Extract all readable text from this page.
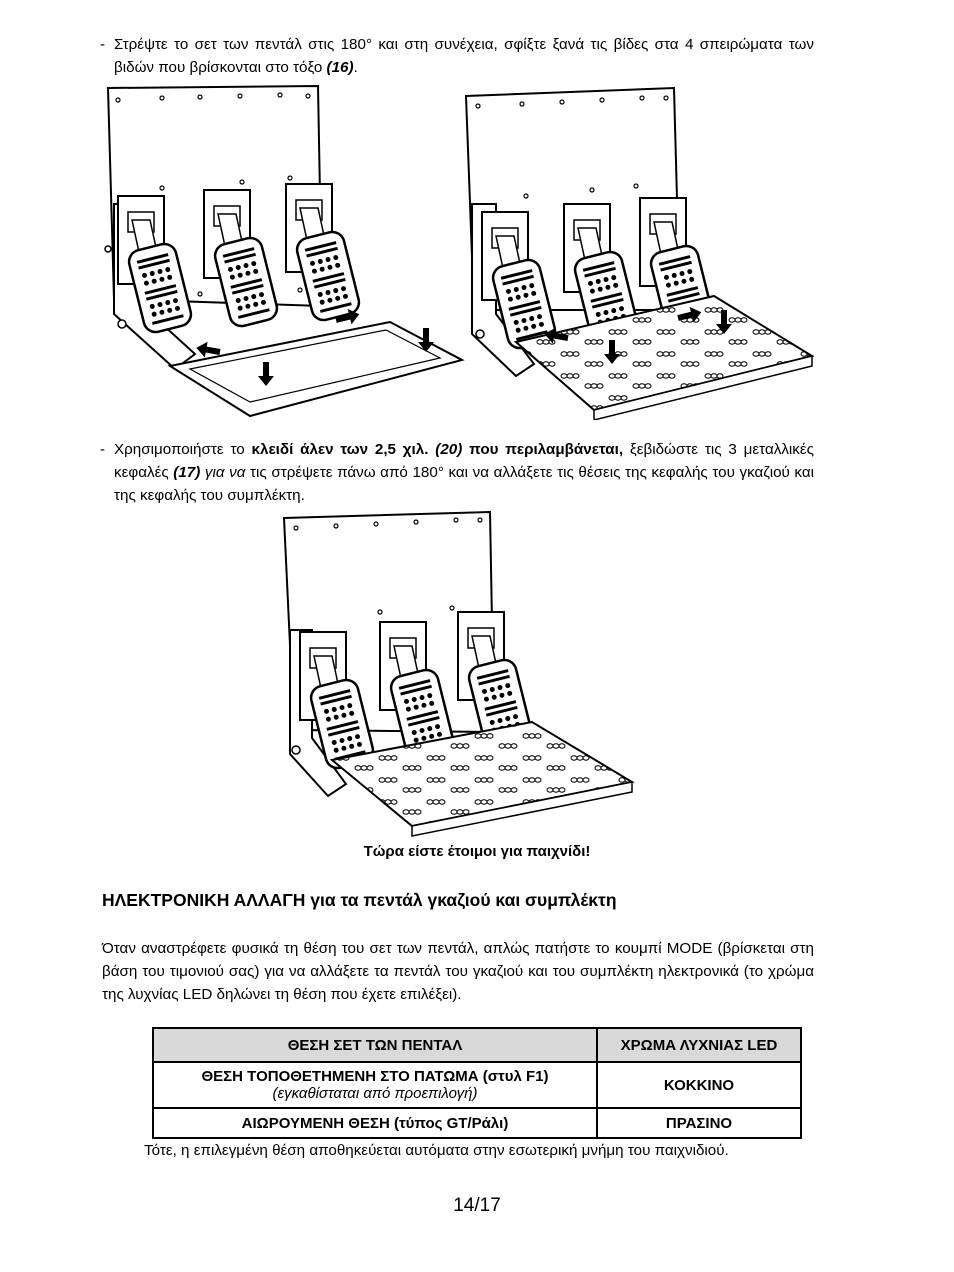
- Στρέψτε το σετ των πεντάλ στις 180° και στη συνέχεια, σφίξτε ξανά τις βίδες στα 4 σπειρώματα των βιδών που βρίσκονται στο τόξο (16).
- Χρησιμοποιήστε το κλειδί άλεν των 2,5 χιλ. (20) που περιλαμβάνεται, ξεβιδώστε τις 3 μεταλλικές κεφαλές (17) για να τις στρέψετε πάνω από 180° και να αλλάξετε τις θέσεις της κεφαλής του γκαζιού και της κεφαλής του συμπλέκτη.
Τώρα είστε έτοιμοι για παιχνίδι!
ΗΛΕΚΤΡΟΝΙΚΗ ΑΛΛΑΓΗ για τα πεντάλ γκαζιού και συμπλέκτη
Όταν αναστρέφετε φυσικά τη θέση του σετ των πεντάλ, απλώς πατήστε το κουμπί MODE (βρίσκεται στη βάση του τιμονιού σας) για να αλλάξετε τα πεντάλ του γκαζιού και του συμπλέκτη ηλεκτρονικά (το χρώμα της λυχνίας LED δηλώνει τη θέση που έχετε επιλέξει).
ΘΕΣΗ ΣΕΤ ΤΩΝ ΠΕΝΤΑΛ	ΧΡΩΜΑ ΛΥΧΝΙΑΣ LED
ΘΕΣΗ ΤΟΠΟΘΕΤΗΜΕΝΗ ΣΤΟ ΠΑΤΩΜΑ (στυλ F1)
(εγκαθίσταται από προεπιλογή)	ΚΟΚΚΙΝΟ
ΑΙΩΡΟΥΜΕΝΗ ΘΕΣΗ (τύπος GT/Ράλι)	ΠΡΑΣΙΝΟ
Τότε, η επιλεγμένη θέση αποθηκεύεται αυτόματα στην εσωτερική μνήμη του παιχνιδιού.
14/17
